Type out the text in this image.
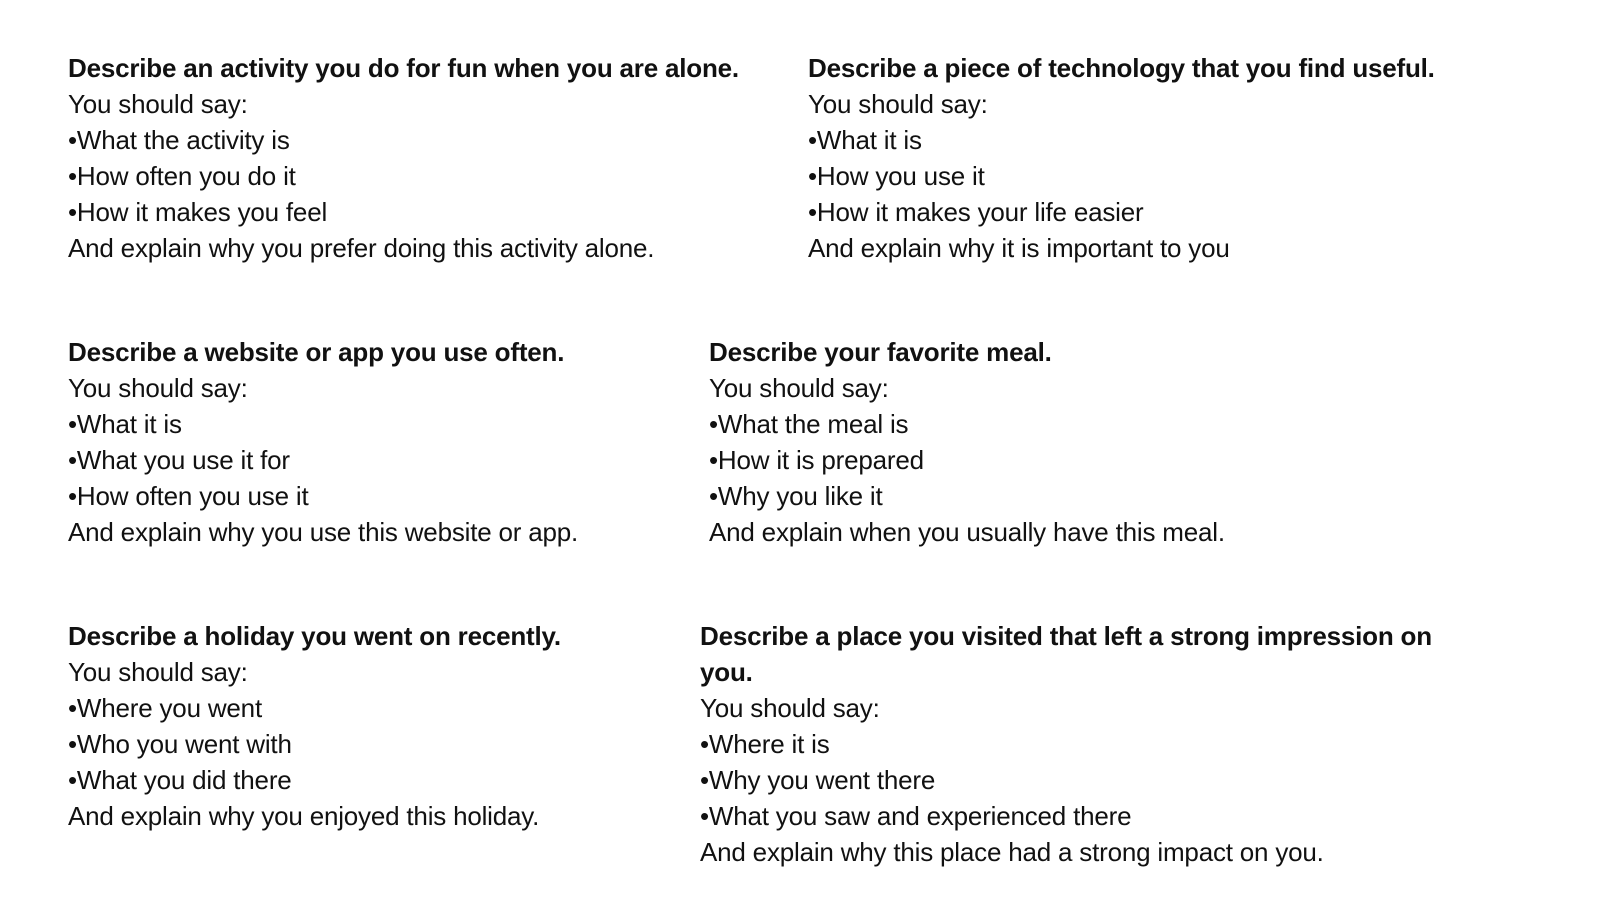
Describe an activity you do for fun when you are alone.

You should say:

•What the activity is

•How often you do it

•How it makes you feel

And explain why you prefer doing this activity alone.

Describe a piece of technology that you find useful.

You should say:

•What it is

•How you use it

•How it makes your life easier

And explain why it is important to you

Describe a website or app you use often.

You should say:

•What it is

•What you use it for

•How often you use it

And explain why you use this website or app.

Describe your favorite meal.

You should say:

•What the meal is

•How it is prepared

•Why you like it

And explain when you usually have this meal.

Describe a holiday you went on recently.

You should say:

•Where you went

•Who you went with

•What you did there

And explain why you enjoyed this holiday.

Describe a place you visited that left a strong impression on you.

You should say:

•Where it is

•Why you went there

•What you saw and experienced there

And explain why this place had a strong impact on you.
